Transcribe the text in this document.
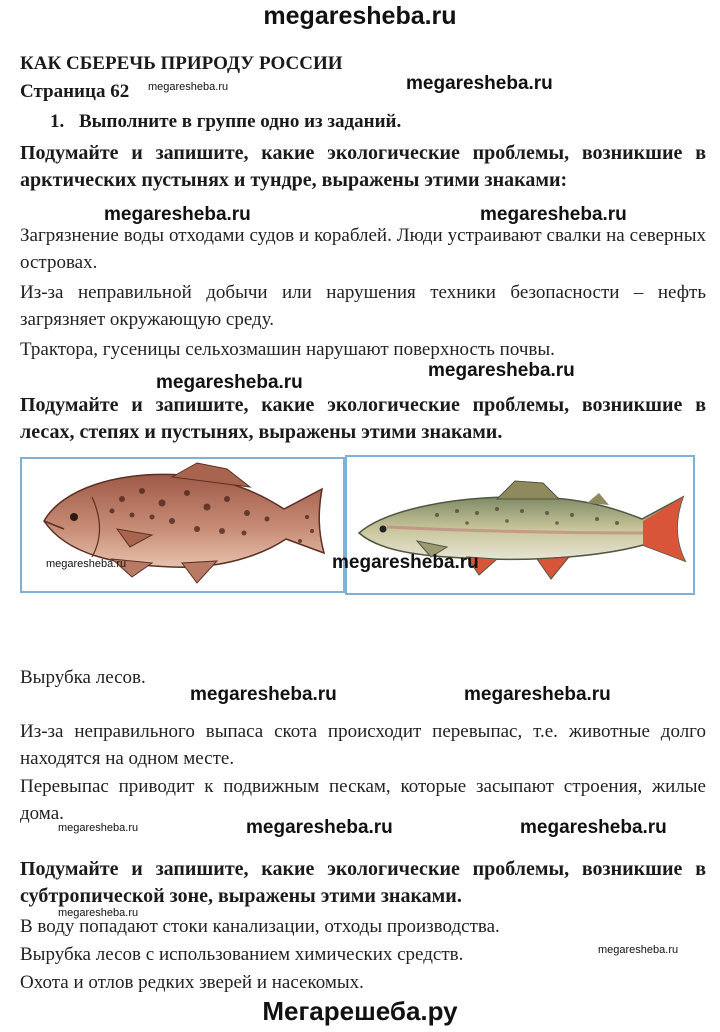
megaresheba.ru
КАК СБЕРЕЧЬ ПРИРОДУ РОССИИ
Страница 62
1. Выполните в группе одно из заданий.
Подумайте и запишите, какие экологические проблемы, возникшие в арктических пустынях и тундре, выражены этими знаками:
Загрязнение воды отходами судов и кораблей. Люди устраивают свалки на северных островах.
Из-за неправильной добычи или нарушения техники безопасности – нефть загрязняет окружающую среду.
Трактора, гусеницы сельхозмашин нарушают поверхность почвы.
Подумайте и запишите, какие экологические проблемы, возникшие в лесах, степях и пустынях, выражены этими знаками.
Вырубка лесов.
Из-за неправильного выпаса скота происходит перевыпас, т.е. животные долго находятся на одном месте.
Перевыпас приводит к подвижным пескам, которые засыпают строения, жилые дома.
Подумайте и запишите, какие экологические проблемы, возникшие в субтропической зоне, выражены этими знаками.
В воду попадают стоки канализации, отходы производства.
Вырубка лесов с использованием химических средств.
Охота и отлов редких зверей и насекомых.
megaresheba.ru
megaresheba.ru	megaresheba.ru
megaresheba.ru
megaresheba.ru
megaresheba.ru
megaresheba.ru	megaresheba.ru
megaresheba.ru	megaresheba.ru
megaresheba.ru
megaresheba.ru
megaresheba.ru
megaresheba.ru
megaresheba.ru
Мегарешеба.ру
